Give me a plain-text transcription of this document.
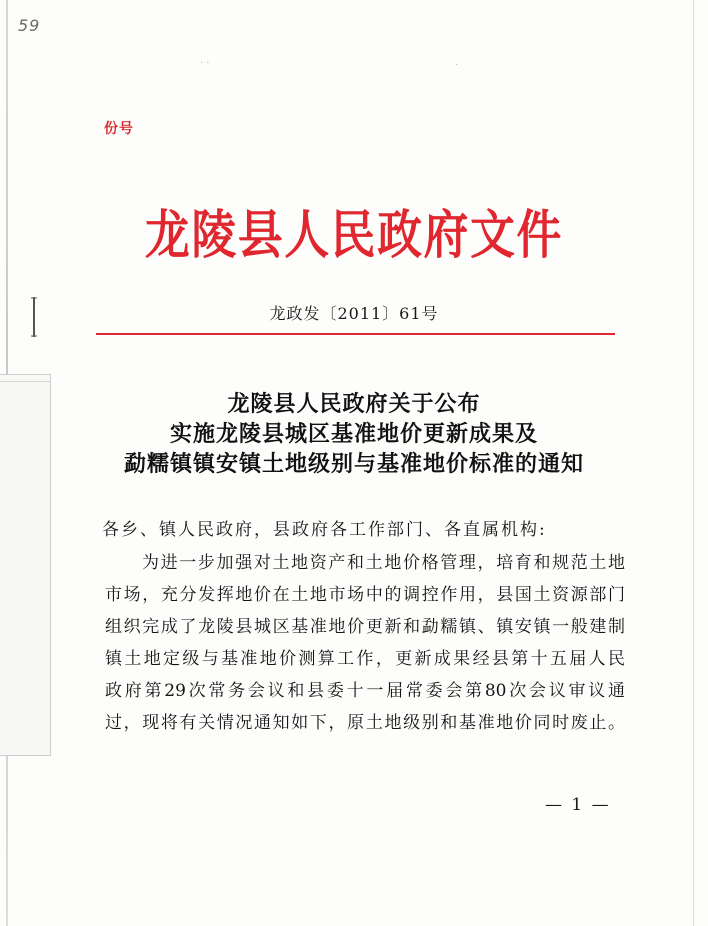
· ·	·
59
份号
龙陵县人民政府文件
龙政发〔2011〕61号
龙陵县人民政府关于公布
实施龙陵县城区基准地价更新成果及
勐糯镇镇安镇土地级别与基准地价标准的通知
各乡、镇人民政府，县政府各工作部门、各直属机构:
为进一步加强对土地资产和土地价格管理，培育和规范土地
市场，充分发挥地价在土地市场中的调控作用，县国土资源部门
组织完成了龙陵县城区基准地价更新和勐糯镇、镇安镇一般建制
镇土地定级与基准地价测算工作，更新成果经县第十五届人民
政府第29次常务会议和县委十一届常委会第80次会议审议通
过，现将有关情况通知如下，原土地级别和基准地价同时废止。
— 1 —
